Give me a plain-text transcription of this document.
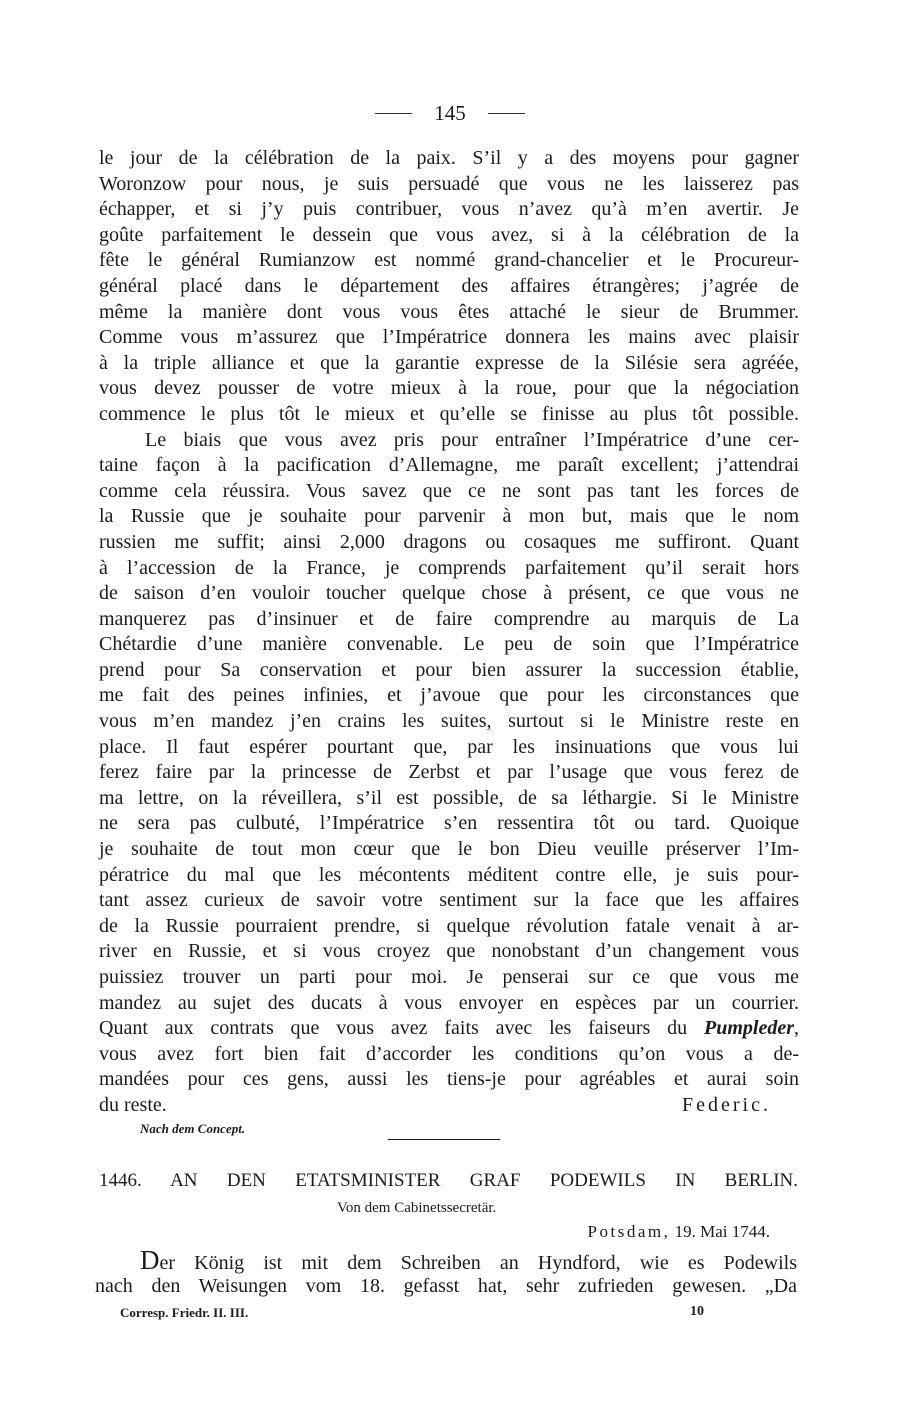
145
le jour de la célébration de la paix. S’il y a des moyens pour gagner
Woronzow pour nous, je suis persuadé que vous ne les laisserez pas
échapper, et si j’y puis contribuer, vous n’avez qu’à m’en avertir. Je
goûte parfaitement le dessein que vous avez, si à la célébration de la
fête le général Rumianzow est nommé grand-chancelier et le Procureur-
général placé dans le département des affaires étrangères; j’agrée de
même la manière dont vous vous êtes attaché le sieur de Brummer.
Comme vous m’assurez que l’Impératrice donnera les mains avec plaisir
à la triple alliance et que la garantie expresse de la Silésie sera agréée,
vous devez pousser de votre mieux à la roue, pour que la négociation
commence le plus tôt le mieux et qu’elle se finisse au plus tôt possible.
Le biais que vous avez pris pour entraîner l’Impératrice d’une cer-
taine façon à la pacification d’Allemagne, me paraît excellent; j’attendrai
comme cela réussira. Vous savez que ce ne sont pas tant les forces de
la Russie que je souhaite pour parvenir à mon but, mais que le nom
russien me suffit; ainsi 2,000 dragons ou cosaques me suffiront. Quant
à l’accession de la France, je comprends parfaitement qu’il serait hors
de saison d’en vouloir toucher quelque chose à présent, ce que vous ne
manquerez pas d’insinuer et de faire comprendre au marquis de La
Chétardie d’une manière convenable. Le peu de soin que l’Impératrice
prend pour Sa conservation et pour bien assurer la succession établie,
me fait des peines infinies, et j’avoue que pour les circonstances que
vous m’en mandez j’en crains les suites, surtout si le Ministre reste en
place. Il faut espérer pourtant que, par les insinuations que vous lui
ferez faire par la princesse de Zerbst et par l’usage que vous ferez de
ma lettre, on la réveillera, s’il est possible, de sa léthargie. Si le Ministre
ne sera pas culbuté, l’Impératrice s’en ressentira tôt ou tard. Quoique
je souhaite de tout mon cœur que le bon Dieu veuille préserver l’Im-
pératrice du mal que les mécontents méditent contre elle, je suis pour-
tant assez curieux de savoir votre sentiment sur la face que les affaires
de la Russie pourraient prendre, si quelque révolution fatale venait à ar-
river en Russie, et si vous croyez que nonobstant d’un changement vous
puissiez trouver un parti pour moi. Je penserai sur ce que vous me
mandez au sujet des ducats à vous envoyer en espèces par un courrier.
Quant aux contrats que vous avez faits avec les faiseurs du Pumpleder,
vous avez fort bien fait d’accorder les conditions qu’on vous a de-
mandées pour ces gens, aussi les tiens-je pour agréables et aurai soin
du reste.	Federic.
Nach dem Concept.
1446. AN DEN ETATSMINISTER GRAF PODEWILS IN BERLIN.
Von dem Cabinetssecretär.
Potsdam, 19. Mai 1744.
Der König ist mit dem Schreiben an Hyndford, wie es Podewils
nach den Weisungen vom 18. gefasst hat, sehr zufrieden gewesen. „Da
Corresp. Friedr. II. III.	10
